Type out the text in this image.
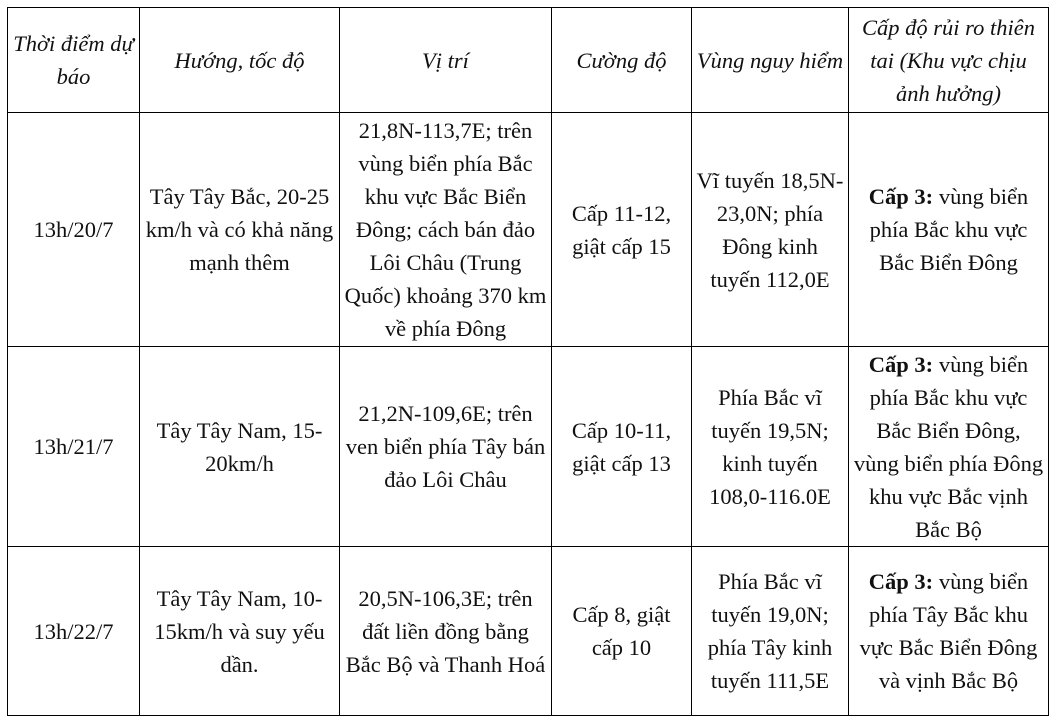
Thời điểm dự báo	Hướng, tốc độ	Vị trí	Cường độ	Vùng nguy hiểm	Cấp độ rủi ro thiên tai (Khu vực chịu ảnh hưởng)
13h/20/7	Tây Tây Bắc, 20-25 km/h và có khả năng mạnh thêm	21,8N-113,7E; trên vùng biển phía Bắc khu vực Bắc Biển Đông; cách bán đảo Lôi Châu (Trung Quốc) khoảng 370 km về phía Đông	Cấp 11-12, giật cấp 15	Vĩ tuyến 18,5N-23,0N; phía Đông kinh tuyến 112,0E	Cấp 3: vùng biển phía Bắc khu vực Bắc Biển Đông
13h/21/7	Tây Tây Nam, 15-20km/h	21,2N-109,6E; trên ven biển phía Tây bán đảo Lôi Châu	Cấp 10-11, giật cấp 13	Phía Bắc vĩ tuyến 19,5N; kinh tuyến 108,0-116.0E	Cấp 3: vùng biển phía Bắc khu vực Bắc Biển Đông, vùng biển phía Đông khu vực Bắc vịnh Bắc Bộ
13h/22/7	Tây Tây Nam, 10-15km/h và suy yếu dần.	20,5N-106,3E; trên đất liền đồng bằng Bắc Bộ và Thanh Hoá	Cấp 8, giật cấp 10	Phía Bắc vĩ tuyến 19,0N; phía Tây kinh tuyến 111,5E	Cấp 3: vùng biển phía Tây Bắc khu vực Bắc Biển Đông và vịnh Bắc Bộ
